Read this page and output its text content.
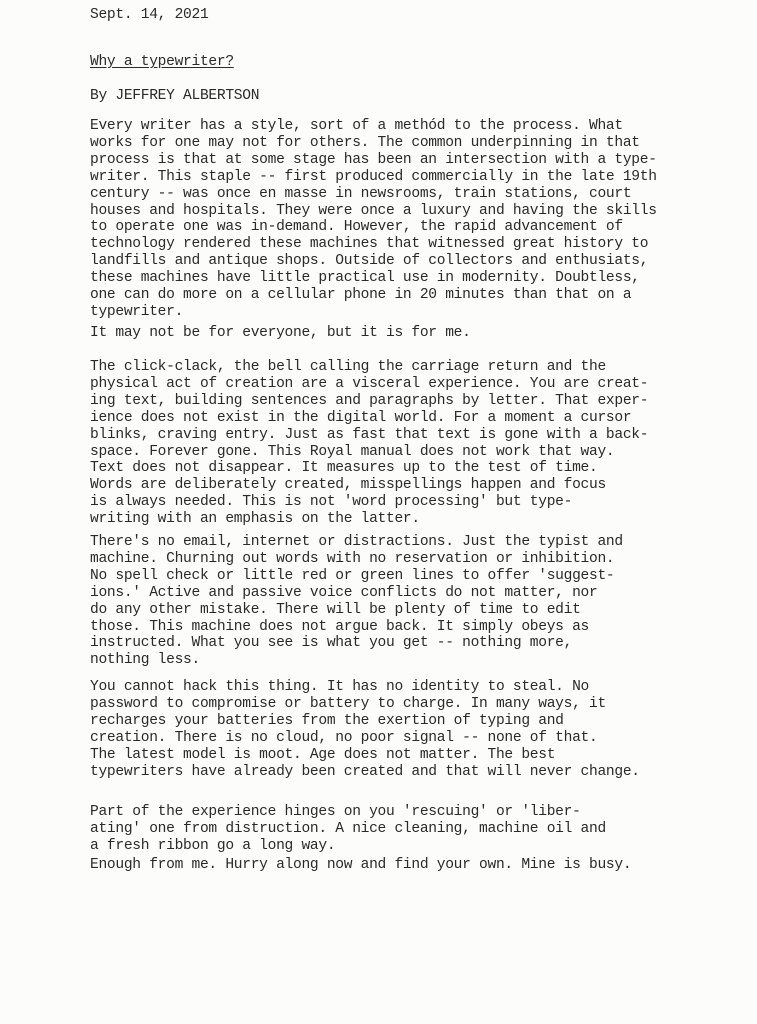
Sept. 14, 2021
Why a typewriter?
By JEFFREY ALBERTSON

Every writer has a style, sort of a methód to the process. What
works for one may not for others. The common underpinning in that
process is that at some stage has been an intersection with a type-
writer. This staple -- first produced commercially in the late 19th
century -- was once en masse in newsrooms, train stations, court
houses and hospitals. They were once a luxury and having the skills
to operate one was in-demand. However, the rapid advancement of
technology rendered these machines that witnessed great history to
landfills and antique shops. Outside of collectors and enthusiats,
these machines have little practical use in modernity. Doubtless,
one can do more on a cellular phone in 20 minutes than that on a
typewriter.

It may not be for everyone, but it is for me.

The click-clack, the bell calling the carriage return and the
physical act of creation are a visceral experience. You are creat-
ing text, building sentences and paragraphs by letter. That exper-
ience does not exist in the digital world. For a moment a cursor
blinks, craving entry. Just as fast that text is gone with a back-
space. Forever gone. This Royal manual does not work that way.
Text does not disappear. It measures up to the test of time.
Words are deliberately created, misspellings happen and focus
is always needed. This is not 'word processing' but type-
writing with an emphasis on the latter.

There's no email, internet or distractions. Just the typist and
machine. Churning out words with no reservation or inhibition.
No spell check or little red or green lines to offer 'suggest-
ions.' Active and passive voice conflicts do not matter, nor
do any other mistake. There will be plenty of time to edit
those. This machine does not argue back. It simply obeys as
instructed. What you see is what you get -- nothing more,
nothing less.

You cannot hack this thing. It has no identity to steal. No
password to compromise or battery to charge. In many ways, it
recharges your batteries from the exertion of typing and
creation. There is no cloud, no poor signal -- none of that.
The latest model is moot. Age does not matter. The best
typewriters have already been created and that will never change.

Part of the experience hinges on you 'rescuing' or 'liber-
ating' one from distruction. A nice cleaning, machine oil and
a fresh ribbon go a long way.

Enough from me. Hurry along now and find your own. Mine is busy.
